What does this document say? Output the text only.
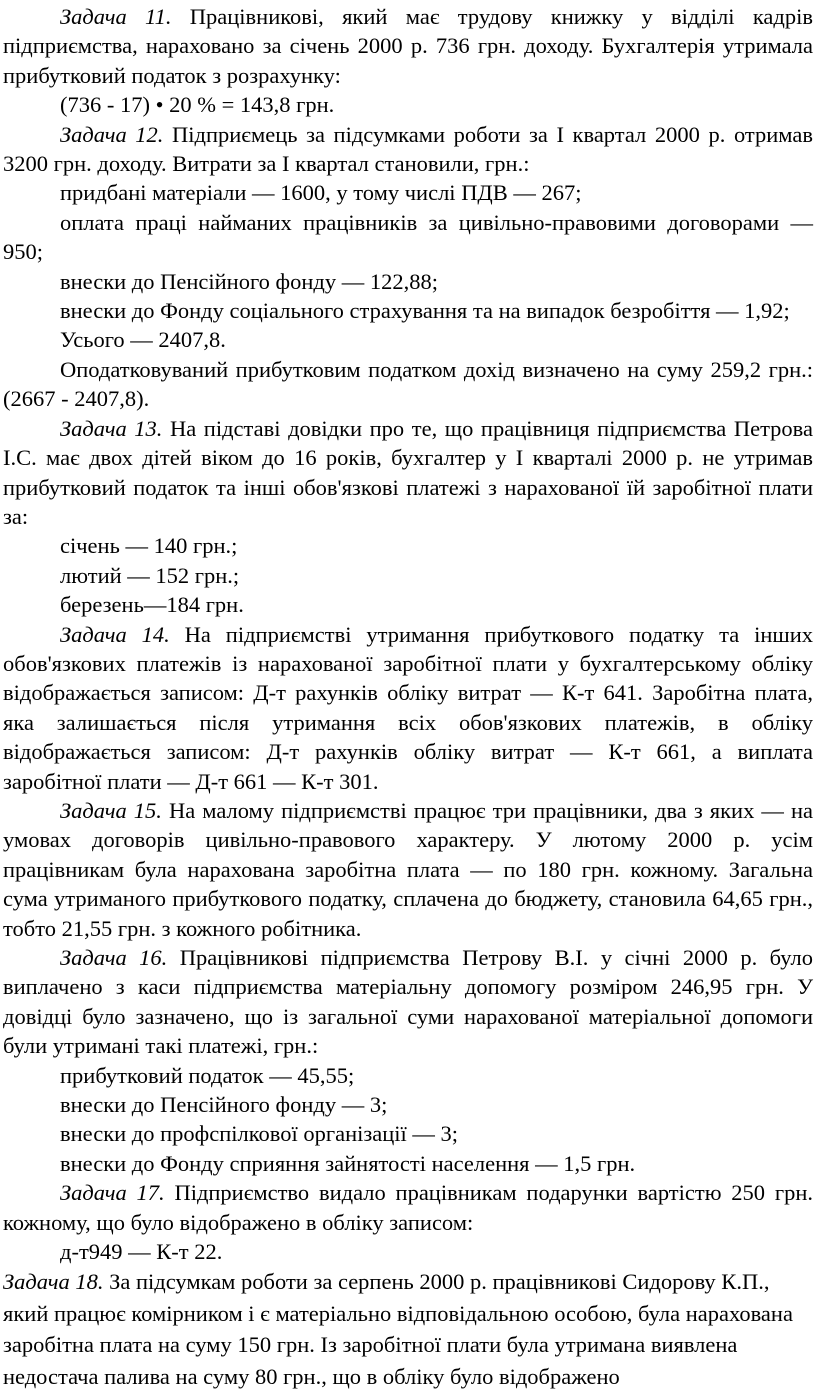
Задача 11. Працівникові, який має трудову книжку у відділі кадрів підприємства, нараховано за січень 2000 р. 736 грн. доходу. Бухгалтерія утримала прибутковий податок з розрахунку:

(736 - 17) • 20 % = 143,8 грн.

Задача 12. Підприємець за підсумками роботи за І квартал 2000 р. отримав 3200 грн. доходу. Витрати за І квартал становили, грн.:

придбані матеріали — 1600, у тому числі ПДВ — 267;

оплата праці найманих працівників за цивільно-правовими договорами — 950;

внески до Пенсійного фонду — 122,88;

внески до Фонду соціального страхування та на випадок безробіття — 1,92;

Усього — 2407,8.

Оподатковуваний прибутковим податком дохід визначено на суму 259,2 грн.: (2667 - 2407,8).

Задача 13. На підставі довідки про те, що працівниця підприємства Петрова І.С. має двох дітей віком до 16 років, бухгалтер у І кварталі 2000 р. не утримав прибутковий податок та інші обов'язкові платежі з нарахованої їй заробітної плати за:

січень — 140 грн.;

лютий — 152 грн.;

березень—184 грн.

Задача 14. На підприємстві утримання прибуткового податку та інших обов'язкових платежів із нарахованої заробітної плати у бухгалтерському обліку відображається записом: Д-т рахунків обліку витрат — К-т 641. Заробітна плата, яка залишається після утримання всіх обов'язкових платежів, в обліку відображається записом: Д-т рахунків обліку витрат — К-т 661, а виплата заробітної плати — Д-т 661 — К-т 301.

Задача 15. На малому підприємстві працює три працівники, два з яких — на умовах договорів цивільно-правового характеру. У лютому 2000 р. усім працівникам була нарахована заробітна плата — по 180 грн. кожному. Загальна сума утриманого прибуткового податку, сплачена до бюджету, становила 64,65 грн., тобто 21,55 грн. з кожного робітника.

Задача 16. Працівникові підприємства Петрову В.І. у січні 2000 р. було виплачено з каси підприємства матеріальну допомогу розміром 246,95 грн. У довідці було зазначено, що із загальної суми нарахованої матеріальної допомоги були утримані такі платежі, грн.:

прибутковий податок — 45,55;

внески до Пенсійного фонду — 3;

внески до профспілкової організації — 3;

внески до Фонду сприяння зайнятості населення — 1,5 грн.

Задача 17. Підприємство видало працівникам подарунки вартістю 250 грн. кожному, що було відображено в обліку записом:

д-т949 — К-т 22.

Задача 18. За підсумкам роботи за серпень 2000 р. працівникові Сидорову К.П., який працює комірником і є матеріально відповідальною особою, була нарахована заробітна плата на суму 150 грн. Із заробітної плати була утримана виявлена недостача палива на суму 80 грн., що в обліку було відображено
